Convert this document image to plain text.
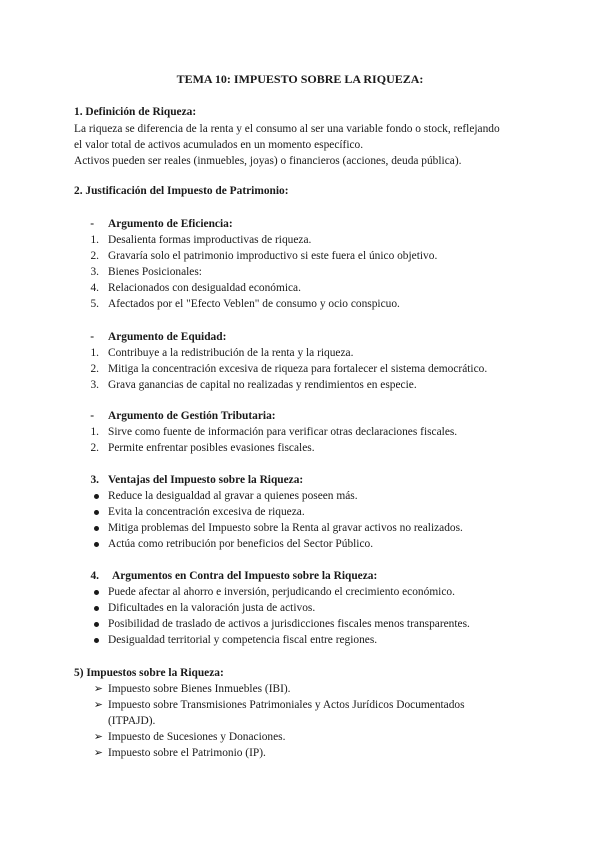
TEMA 10: IMPUESTO SOBRE LA RIQUEZA:
1. Definición de Riqueza:
La riqueza se diferencia de la renta y el consumo al ser una variable fondo o stock, reflejando
el valor total de activos acumulados en un momento específico.
Activos pueden ser reales (inmuebles, joyas) o financieros (acciones, deuda pública).
2. Justificación del Impuesto de Patrimonio:
- Argumento de Eficiencia:
1. Desalienta formas improductivas de riqueza.
2. Gravaría solo el patrimonio improductivo si este fuera el único objetivo.
3. Bienes Posicionales:
4. Relacionados con desigualdad económica.
5. Afectados por el "Efecto Veblen" de consumo y ocio conspicuo.
- Argumento de Equidad:
1. Contribuye a la redistribución de la renta y la riqueza.
2. Mitiga la concentración excesiva de riqueza para fortalecer el sistema democrático.
3. Grava ganancias de capital no realizadas y rendimientos en especie.
- Argumento de Gestión Tributaria:
1. Sirve como fuente de información para verificar otras declaraciones fiscales.
2. Permite enfrentar posibles evasiones fiscales.
3. Ventajas del Impuesto sobre la Riqueza:
Reduce la desigualdad al gravar a quienes poseen más.
Evita la concentración excesiva de riqueza.
Mitiga problemas del Impuesto sobre la Renta al gravar activos no realizados.
Actúa como retribución por beneficios del Sector Público.
4. Argumentos en Contra del Impuesto sobre la Riqueza:
Puede afectar al ahorro e inversión, perjudicando el crecimiento económico.
Dificultades en la valoración justa de activos.
Posibilidad de traslado de activos a jurisdicciones fiscales menos transparentes.
Desigualdad territorial y competencia fiscal entre regiones.
5) Impuestos sobre la Riqueza:
➢ Impuesto sobre Bienes Inmuebles (IBI).
➢ Impuesto sobre Transmisiones Patrimoniales y Actos Jurídicos Documentados
(ITPAJD).
➢ Impuesto de Sucesiones y Donaciones.
➢ Impuesto sobre el Patrimonio (IP).
